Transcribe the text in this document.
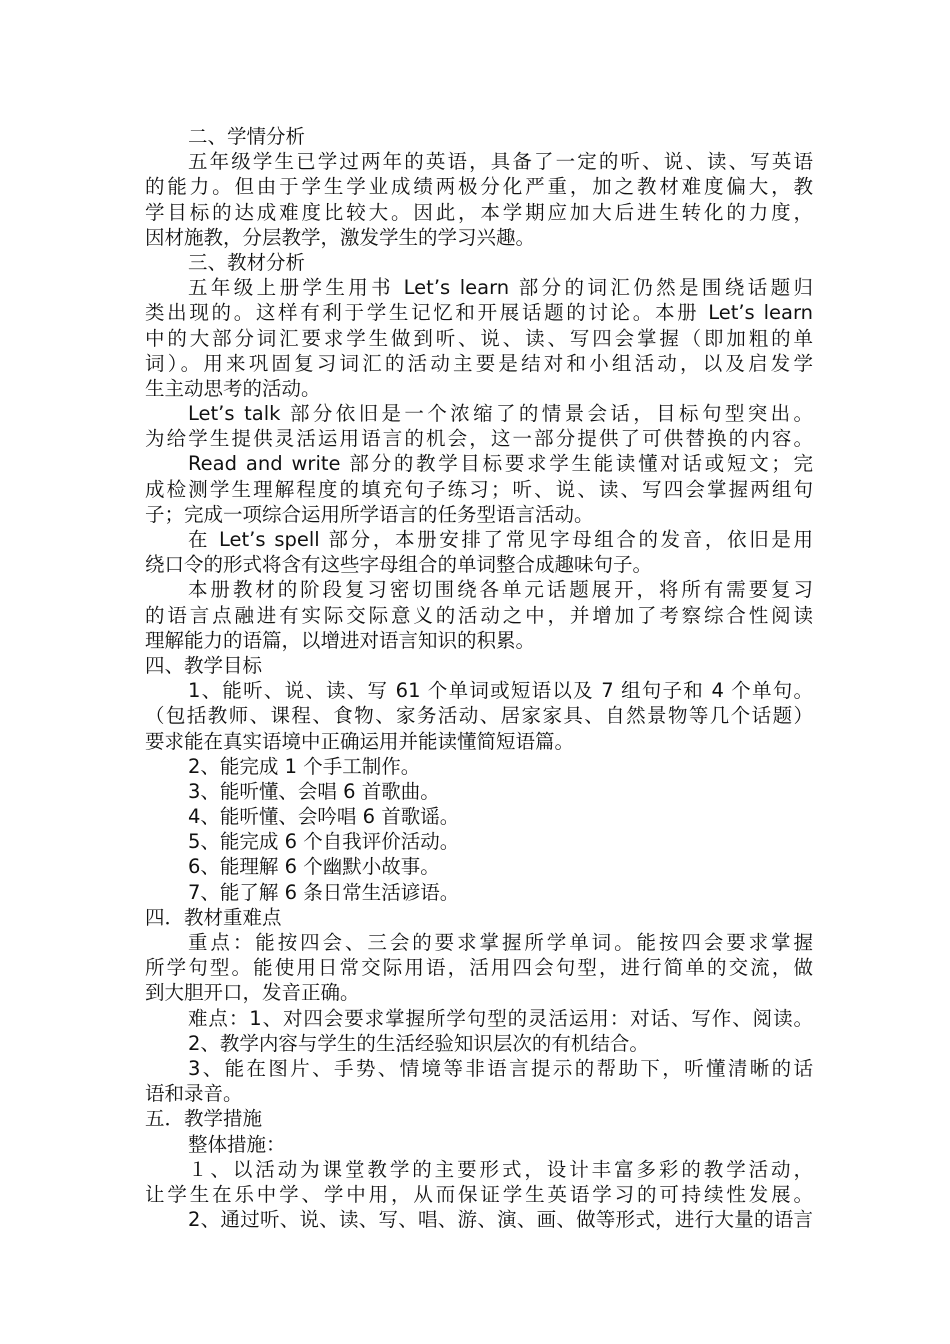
二、学情分析
五年级学生已学过两年的英语，具备了一定的听、说、读、写英语
的能力。但由于学生学业成绩两极分化严重，加之教材难度偏大，教
学目标的达成难度比较大。因此，本学期应加大后进生转化的力度，
因材施教，分层教学，激发学生的学习兴趣。
三、教材分析
五年级上册学生用书 Let’s learn 部分的词汇仍然是围绕话题归
类出现的。这样有利于学生记忆和开展话题的讨论。本册 Let’s learn
中的大部分词汇要求学生做到听、说、读、写四会掌握（即加粗的单
词）。用来巩固复习词汇的活动主要是结对和小组活动，以及启发学
生主动思考的活动。
Let’s talk 部分依旧是一个浓缩了的情景会话，目标句型突出。
为给学生提供灵活运用语言的机会，这一部分提供了可供替换的内容。
Read and write 部分的教学目标要求学生能读懂对话或短文；完
成检测学生理解程度的填充句子练习；听、说、读、写四会掌握两组句
子；完成一项综合运用所学语言的任务型语言活动。
在 Let’s spell 部分，本册安排了常见字母组合的发音，依旧是用
绕口令的形式将含有这些字母组合的单词整合成趣味句子。
本册教材的阶段复习密切围绕各单元话题展开，将所有需要复习
的语言点融进有实际交际意义的活动之中，并增加了考察综合性阅读
理解能力的语篇，以增进对语言知识的积累。
四、教学目标
1、能听、说、读、写 61 个单词或短语以及 7 组句子和 4 个单句。
（包括教师、课程、食物、家务活动、居家家具、自然景物等几个话题）
要求能在真实语境中正确运用并能读懂简短语篇。
2、能完成 1 个手工制作。
3、能听懂、会唱 6 首歌曲。
4、能听懂、会吟唱 6 首歌谣。
5、能完成 6 个自我评价活动。
6、能理解 6 个幽默小故事。
7、能了解 6 条日常生活谚语。
四．教材重难点
重点：能按四会、三会的要求掌握所学单词。能按四会要求掌握
所学句型。能使用日常交际用语，活用四会句型，进行简单的交流，做
到大胆开口，发音正确。
难点：1、对四会要求掌握所学句型的灵活运用：对话、写作、阅读。
2、教学内容与学生的生活经验知识层次的有机结合。
3、能在图片、手势、情境等非语言提示的帮助下，听懂清晰的话
语和录音。
五．教学措施
整体措施：
１、以活动为课堂教学的主要形式，设计丰富多彩的教学活动，
让学生在乐中学、学中用，从而保证学生英语学习的可持续性发展。
2、通过听、说、读、写、唱、游、演、画、做等形式，进行大量的语言
